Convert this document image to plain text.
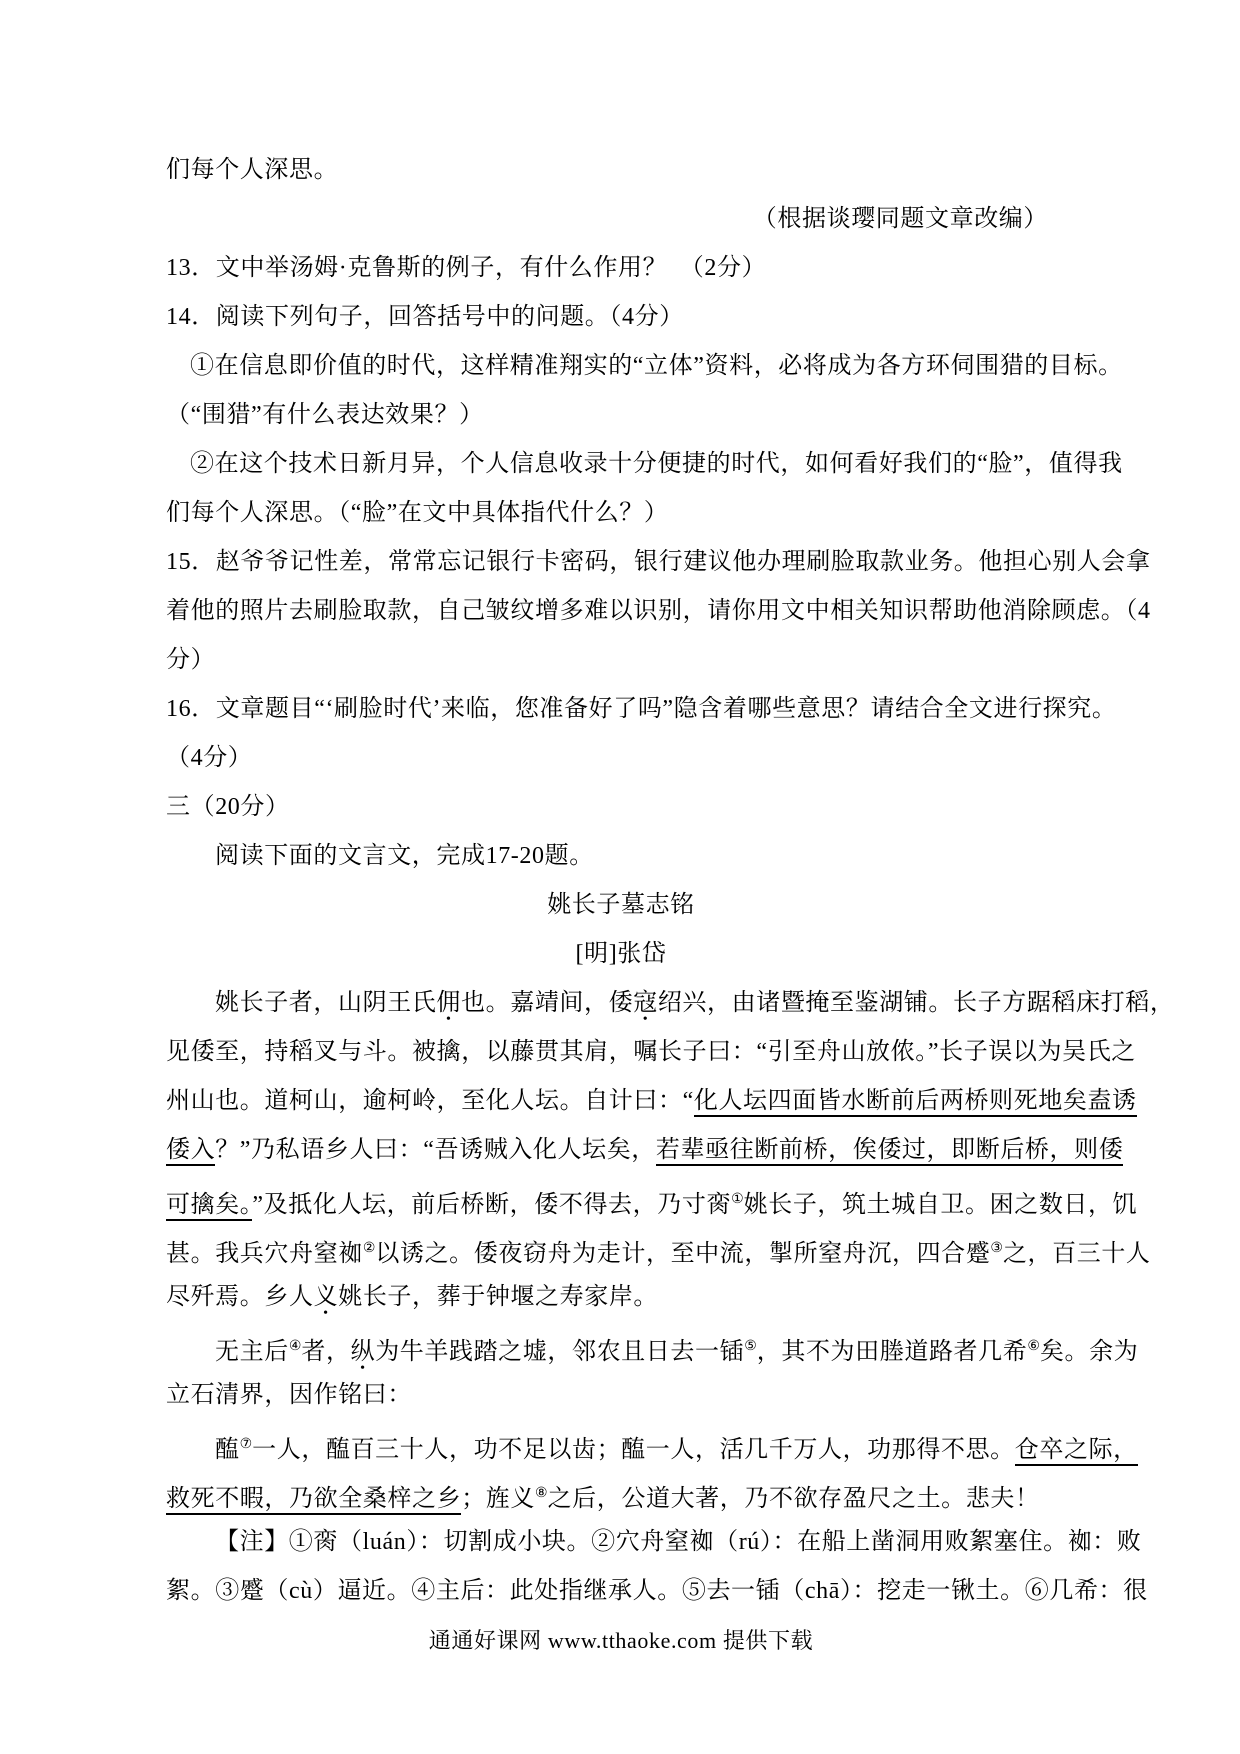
们每个人深思。
（根据谈璎同题文章改编）
13．文中举汤姆·克鲁斯的例子，有什么作用？　（2分）
14．阅读下列句子，回答括号中的问题。（4分）
①在信息即价值的时代，这样精准翔实的“立体”资料，必将成为各方环伺围猎的目标。
（“围猎”有什么表达效果？）
②在这个技术日新月异，个人信息收录十分便捷的时代，如何看好我们的“脸”，值得我
们每个人深思。（“脸”在文中具体指代什么？）
15．赵爷爷记性差，常常忘记银行卡密码，银行建议他办理刷脸取款业务。他担心别人会拿
着他的照片去刷脸取款，自己皱纹增多难以识别，请你用文中相关知识帮助他消除顾虑。（4
分）
16．文章题目“‘刷脸时代’来临，您准备好了吗”隐含着哪些意思？请结合全文进行探究。
（4分）
三（20分）
阅读下面的文言文，完成17-20题。
姚长子墓志铭
[明]张岱
姚长子者，山阴王氏佣也。嘉靖间，倭寇绍兴，由诸暨掩至鉴湖铺。长子方踞稻床打稻，
见倭至，持稻叉与斗。被擒，以藤贯其肩，嘱长子曰：“引至舟山放侬。”长子误以为吴氏之
州山也。道柯山，逾柯岭，至化人坛。自计曰：“化人坛四面皆水断前后两桥则死地矣盍诱
倭入？”乃私语乡人曰：“吾诱贼入化人坛矣，若辈亟往断前桥，俟倭过，即断后桥，则倭
可擒矣。”及抵化人坛，前后桥断，倭不得去，乃寸脔①姚长子，筑土城自卫。困之数日，饥
甚。我兵穴舟窒袽②以诱之。倭夜窃舟为走计，至中流，掣所窒舟沉，四合蹙③之，百三十人
尽歼焉。乡人义姚长子，葬于钟堰之寿家岸。
无主后④者，纵为牛羊践踏之墟，邻农且日去一锸⑤，其不为田塍道路者几希⑥矣。余为
立石清界，因作铭曰：
醢⑦一人，醢百三十人，功不足以齿；醢一人，活几千万人，功那得不思。仓卒之际，
救死不暇，乃欲全桑梓之乡；旌义⑧之后，公道大著，乃不欲存盈尺之土。悲夫！
【注】①脔（luán）：切割成小块。②穴舟窒袽（rú）：在船上凿洞用败絮塞住。袽：败
絮。③蹙（cù）逼近。④主后：此处指继承人。⑤去一锸（chā）：挖走一锹土。⑥几希：很
通通好课网 www.tthaoke.com 提供下载
